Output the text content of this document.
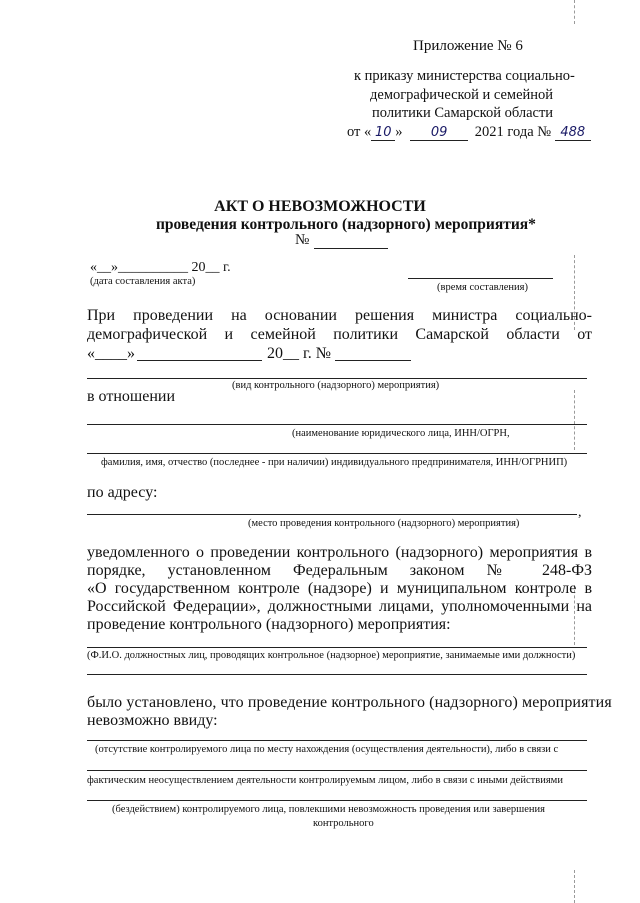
Приложение № 6
к приказу министерства социально-
демографической и семейной
политики Самарской области
от « 10 » 09 2021 года № 488
АКТ О НЕВОЗМОЖНОСТИ
проведения контрольного (надзорного) мероприятия*
№
«__»__________ 20__ г.
(дата составления акта)
(время составления)
При проведении на основании решения министра социально-
демографической и семейной политики Самарской области от
«____»	20__ г. №
(вид контрольного (надзорного) мероприятия)
в отношении
(наименование юридического лица, ИНН/ОГРН,
фамилия, имя, отчество (последнее - при наличии) индивидуального предпринимателя, ИНН/ОГРНИП)
по адресу:
,
(место проведения контрольного (надзорного) мероприятия)
уведомленного о проведении контрольного (надзорного) мероприятия в
порядке, установленном Федеральным законом № 248-ФЗ
«О государственном контроле (надзоре) и муниципальном контроле в
Российской Федерации», должностными лицами, уполномоченными на
проведение контрольного (надзорного) мероприятия:
(Ф.И.О. должностных лиц, проводящих контрольное (надзорное) мероприятие, занимаемые ими должности)
было установлено, что проведение контрольного (надзорного) мероприятия
невозможно ввиду:
(отсутствие контролируемого лица по месту нахождения (осуществления деятельности), либо в связи с
фактическим неосуществлением деятельности контролируемым лицом, либо в связи с иными действиями
(бездействием) контролируемого лица, повлекшими невозможность проведения или завершения
контрольного
